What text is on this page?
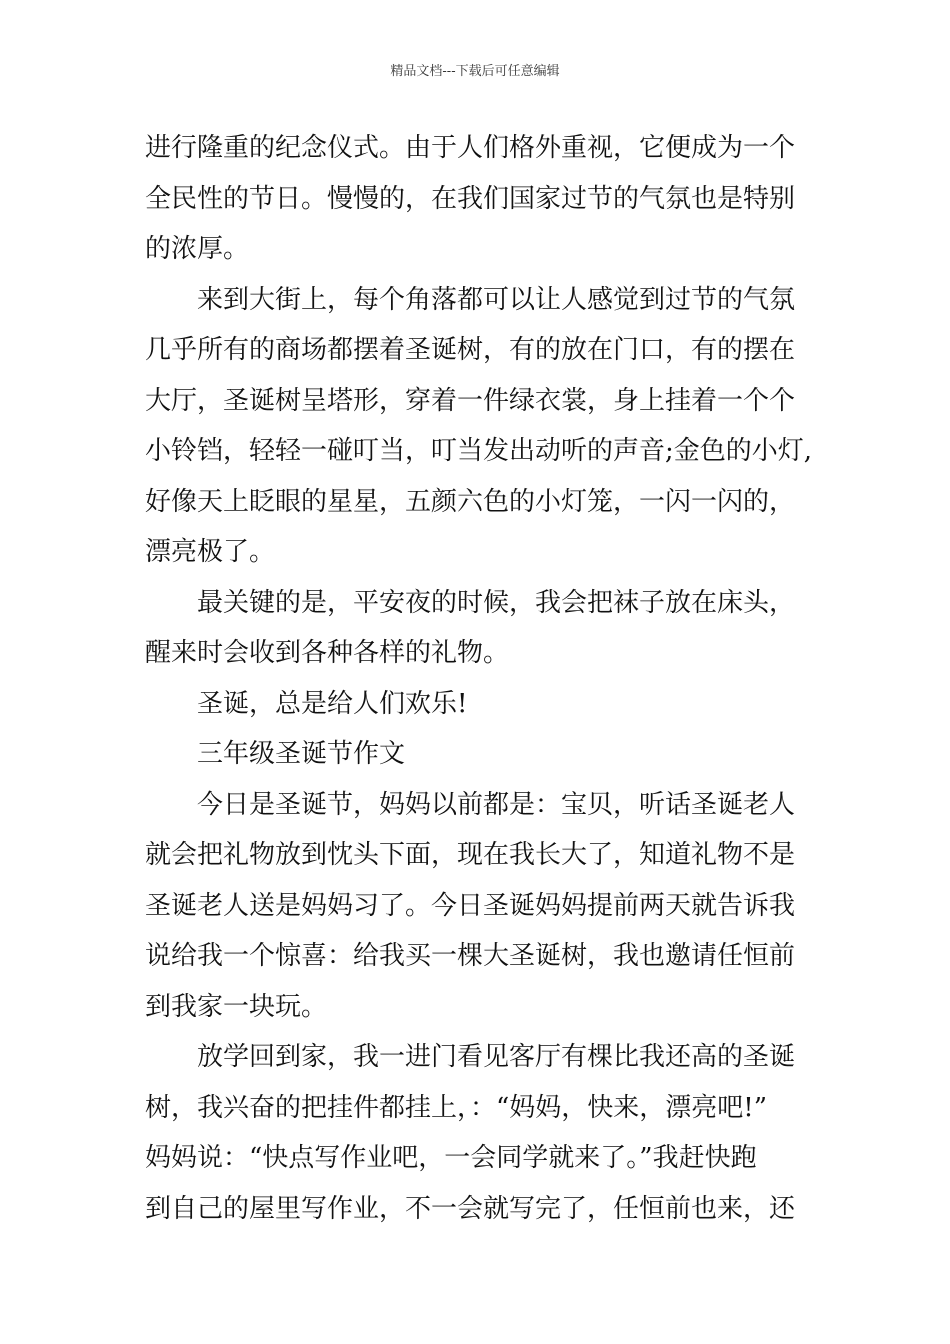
精品文档---下载后可任意编辑
进行隆重的纪念仪式。由于人们格外重视，它便成为一个
全民性的节日。慢慢的，在我们国家过节的气氛也是特别
的浓厚。
来到大街上，每个角落都可以让人感觉到过节的气氛
几乎所有的商场都摆着圣诞树，有的放在门口，有的摆在
大厅，圣诞树呈塔形，穿着一件绿衣裳，身上挂着一个个
小铃铛，轻轻一碰叮当，叮当发出动听的声音;金色的小灯,
好像天上眨眼的星星，五颜六色的小灯笼，一闪一闪的，
漂亮极了。
最关键的是，平安夜的时候，我会把袜子放在床头，
醒来时会收到各种各样的礼物。
圣诞，总是给人们欢乐!
三年级圣诞节作文
今日是圣诞节，妈妈以前都是：宝贝，听话圣诞老人
就会把礼物放到忱头下面，现在我长大了，知道礼物不是
圣诞老人送是妈妈习了。今日圣诞妈妈提前两天就告诉我
说给我一个惊喜：给我买一棵大圣诞树，我也邀请任恒前
到我家一块玩。
放学回到家，我一进门看见客厅有棵比我还高的圣诞
树，我兴奋的把挂件都挂上，：“妈妈，快来，漂亮吧!”
妈妈说：“快点写作业吧，一会同学就来了。”我赶快跑
到自己的屋里写作业，不一会就写完了，任恒前也来，还
